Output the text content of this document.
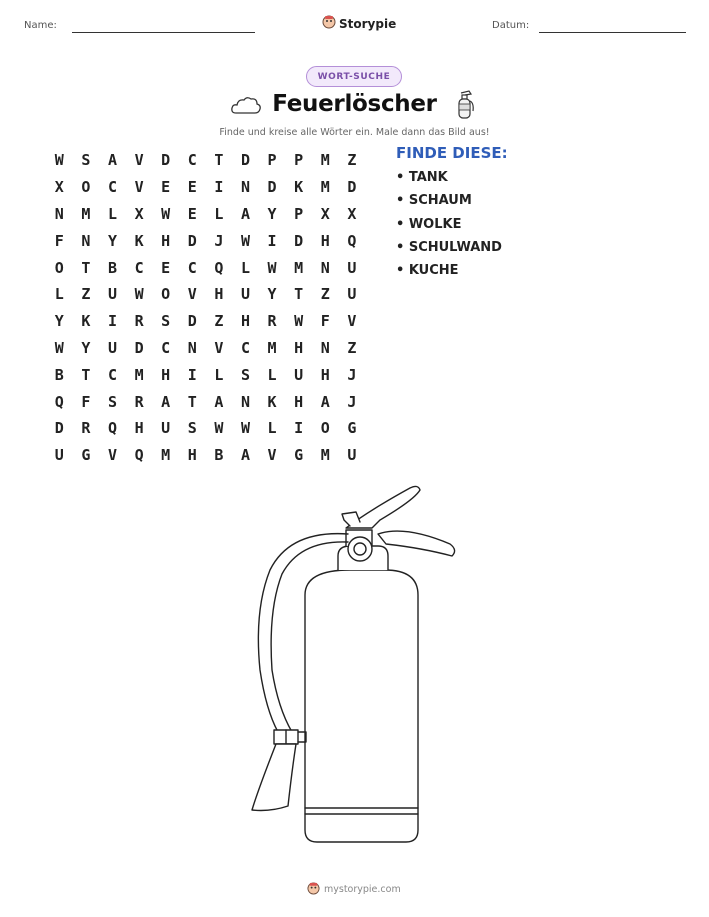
Name:	Storypie	Datum:
WORT-SUCHE
Feuerlöscher
Finde und kreise alle Wörter ein. Male dann das Bild aus!
W	S	A	V	D	C	T	D	P	P	M	Z
X	O	C	V	E	E	I	N	D	K	M	D
N	M	L	X	W	E	L	A	Y	P	X	X
F	N	Y	K	H	D	J	W	I	D	H	Q
O	T	B	C	E	C	Q	L	W	M	N	U
L	Z	U	W	O	V	H	U	Y	T	Z	U
Y	K	I	R	S	D	Z	H	R	W	F	V
W	Y	U	D	C	N	V	C	M	H	N	Z
B	T	C	M	H	I	L	S	L	U	H	J
Q	F	S	R	A	T	A	N	K	H	A	J
D	R	Q	H	U	S	W	W	L	I	O	G
U	G	V	Q	M	H	B	A	V	G	M	U
FINDE DIESE:
• TANK
• SCHAUM
• WOLKE
• SCHULWAND
• KUCHE
mystorypie.com
